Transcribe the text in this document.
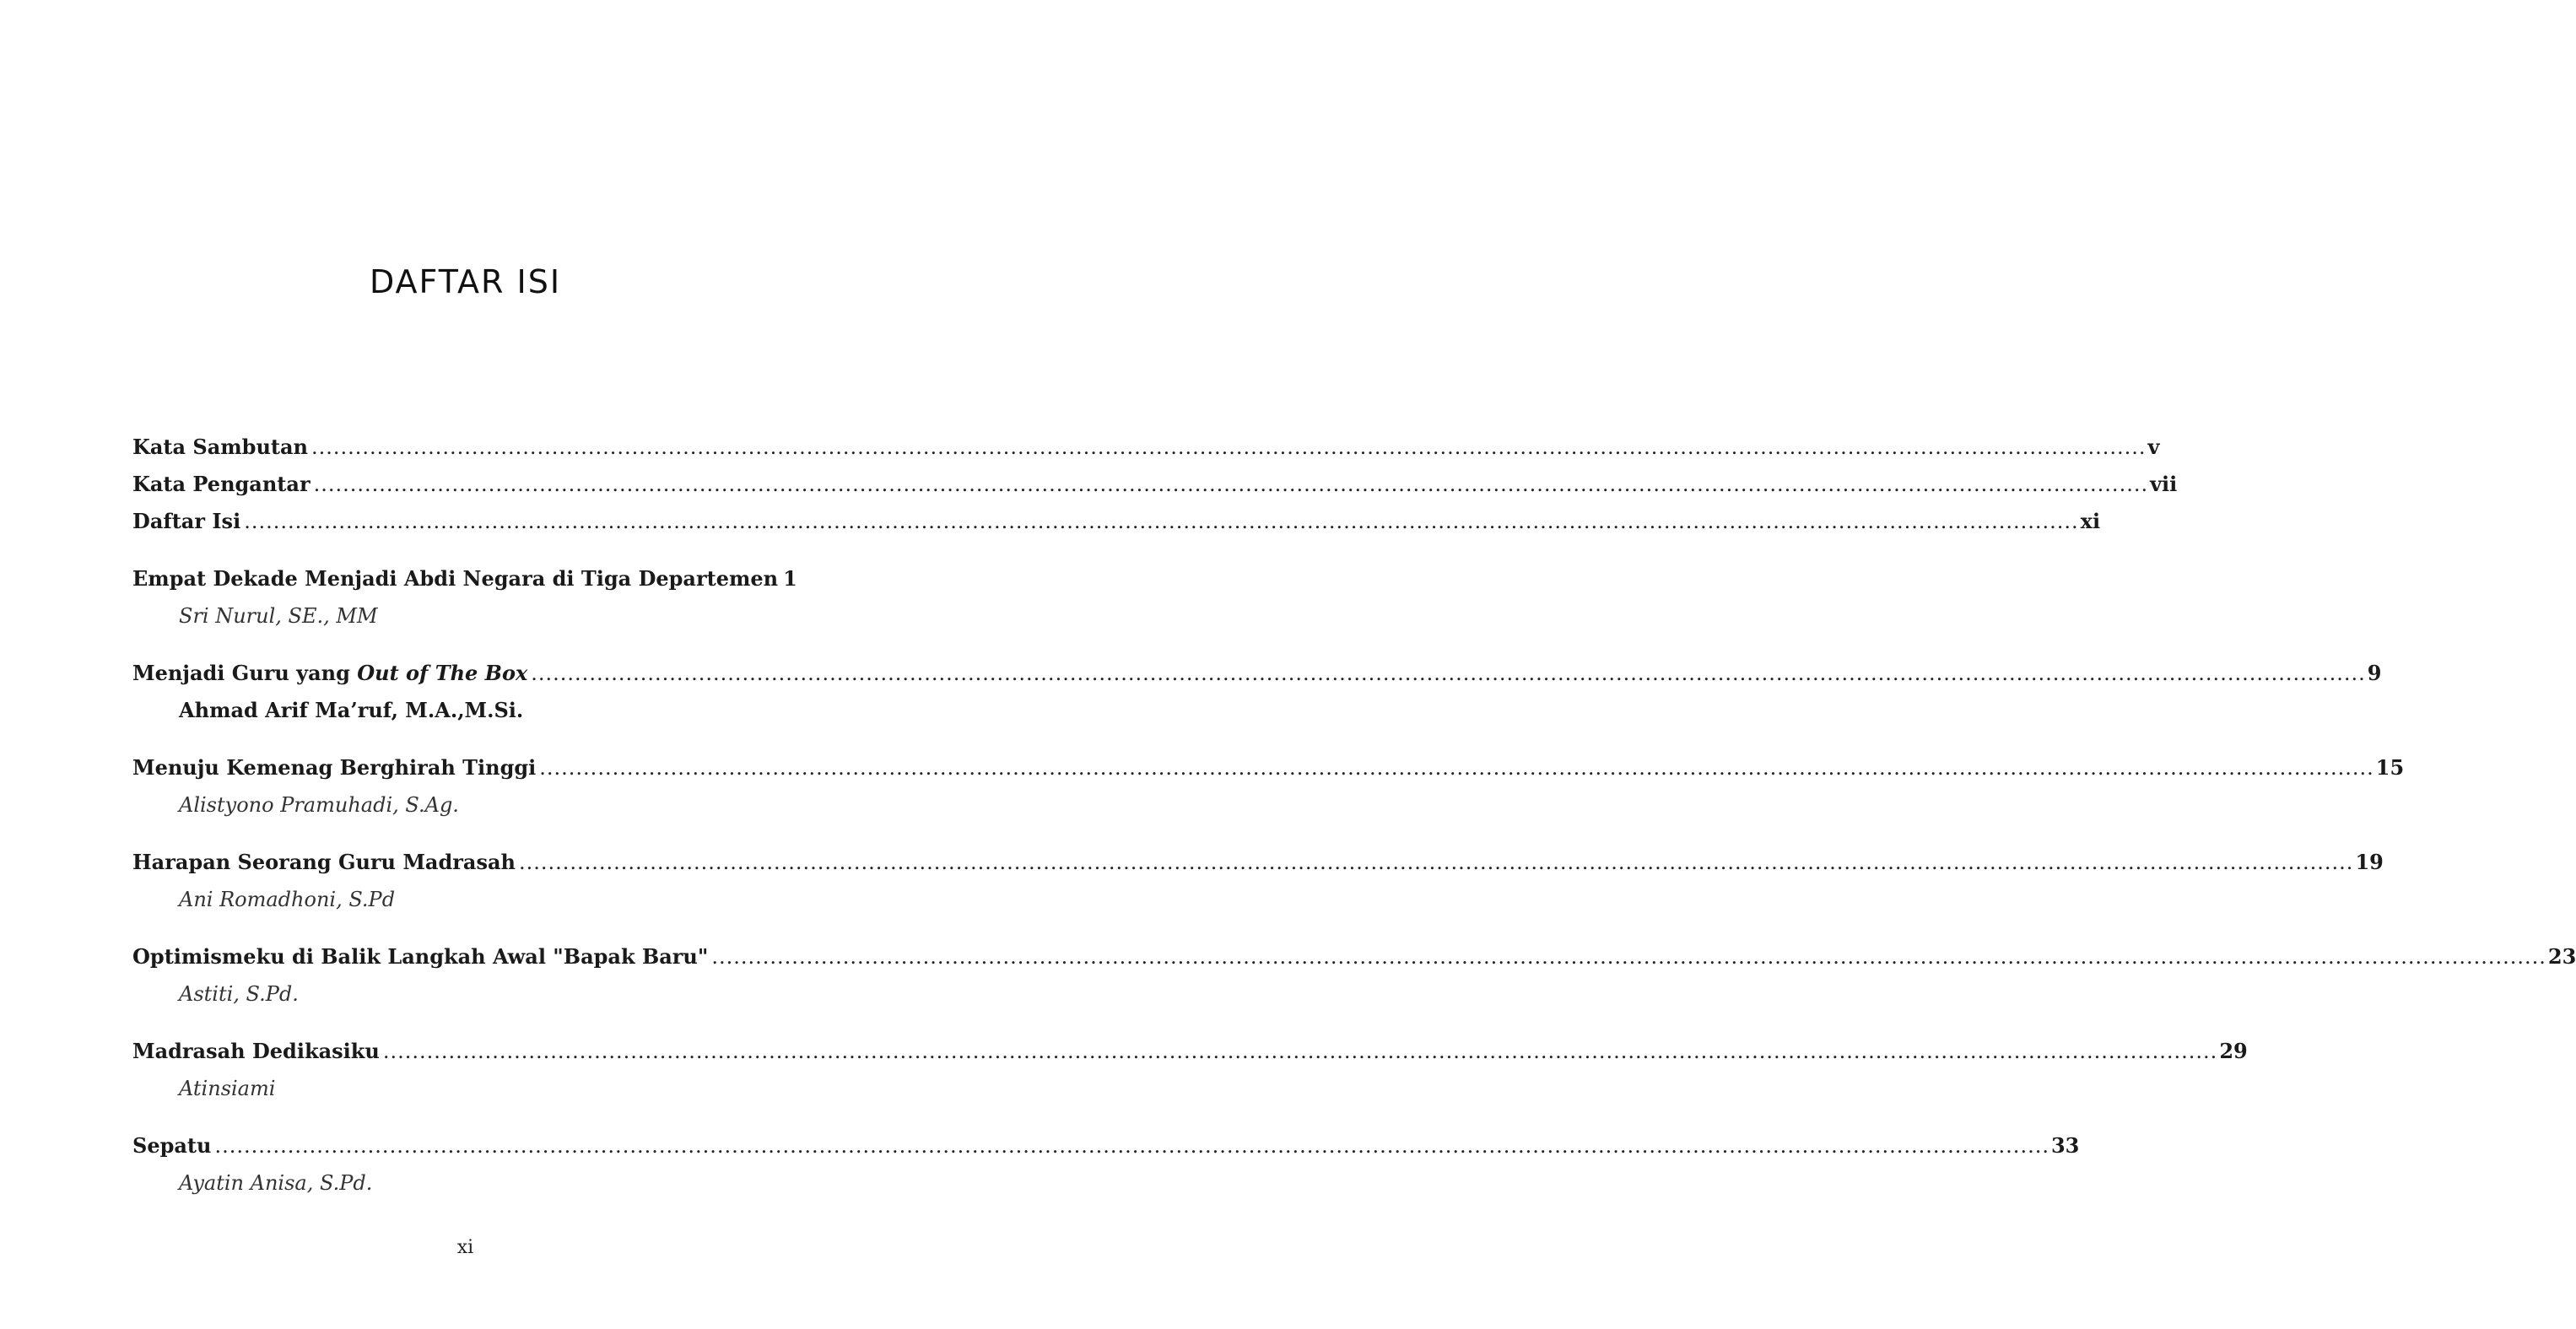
DAFTAR ISI
Kata Sambutan .....	v
Kata Pengantar .....	vii
Daftar Isi .....	xi
Empat Dekade Menjadi Abdi Negara di Tiga Departemen 1
Sri Nurul, SE., MM
Menjadi Guru yang Out of The Box .....	9
Ahmad Arif Ma’ruf, M.A.,M.Si.
Menuju Kemenag Berghirah Tinggi .....	15
Alistyono Pramuhadi, S.Ag.
Harapan Seorang Guru Madrasah .....	19
Ani Romadhoni, S.Pd
Optimismeku di Balik Langkah Awal "Bapak Baru" .....	23
Astiti, S.Pd.
Madrasah Dedikasiku .....	29
Atinsiami
Sepatu .....	33
Ayatin Anisa, S.Pd.
xi
